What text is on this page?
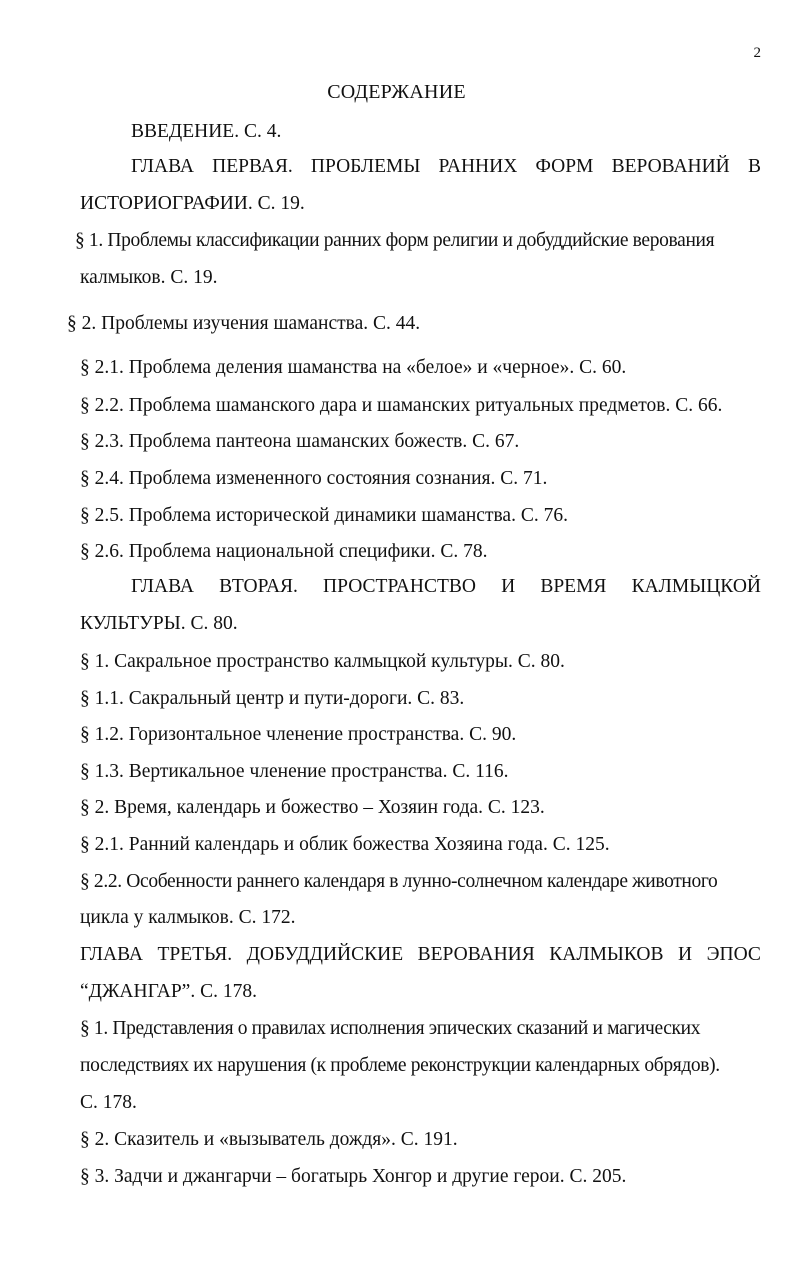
2
СОДЕРЖАНИЕ
ВВЕДЕНИЕ. С. 4.
ГЛАВА ПЕРВАЯ. ПРОБЛЕМЫ РАННИХ ФОРМ ВЕРОВАНИЙ В
ИСТОРИОГРАФИИ. С. 19.
§ 1. Проблемы классификации ранних форм религии и добуддийские верования
калмыков. С. 19.
§ 2. Проблемы изучения шаманства. С. 44.
§ 2.1. Проблема деления шаманства на «белое» и «черное». С. 60.
§ 2.2. Проблема шаманского дара и шаманских ритуальных предметов. С. 66.
§ 2.3. Проблема пантеона шаманских божеств. С. 67.
§ 2.4. Проблема измененного состояния сознания. С. 71.
§ 2.5. Проблема исторической динамики шаманства. С. 76.
§ 2.6. Проблема национальной специфики. С. 78.
ГЛАВА ВТОРАЯ. ПРОСТРАНСТВО И ВРЕМЯ КАЛМЫЦКОЙ
КУЛЬТУРЫ. С. 80.
§ 1. Сакральное пространство калмыцкой культуры. С. 80.
§ 1.1. Сакральный центр и пути-дороги. С. 83.
§ 1.2. Горизонтальное членение пространства. С. 90.
§ 1.3. Вертикальное членение пространства. С. 116.
§ 2. Время, календарь и божество – Хозяин года. С. 123.
§ 2.1. Ранний календарь и облик божества Хозяина года. С. 125.
§ 2.2. Особенности раннего календаря в лунно-солнечном календаре животного
цикла у калмыков. С. 172.
ГЛАВА ТРЕТЬЯ. ДОБУДДИЙСКИЕ ВЕРОВАНИЯ КАЛМЫКОВ И ЭПОС
“ДЖАНГАР”. С. 178.
§ 1. Представления о правилах исполнения эпических сказаний и магических
последствиях их нарушения (к проблеме реконструкции календарных обрядов).
С. 178.
§ 2. Сказитель и «вызыватель дождя». С. 191.
§ 3. Задчи и джангарчи – богатырь Хонгор и другие герои. С. 205.
